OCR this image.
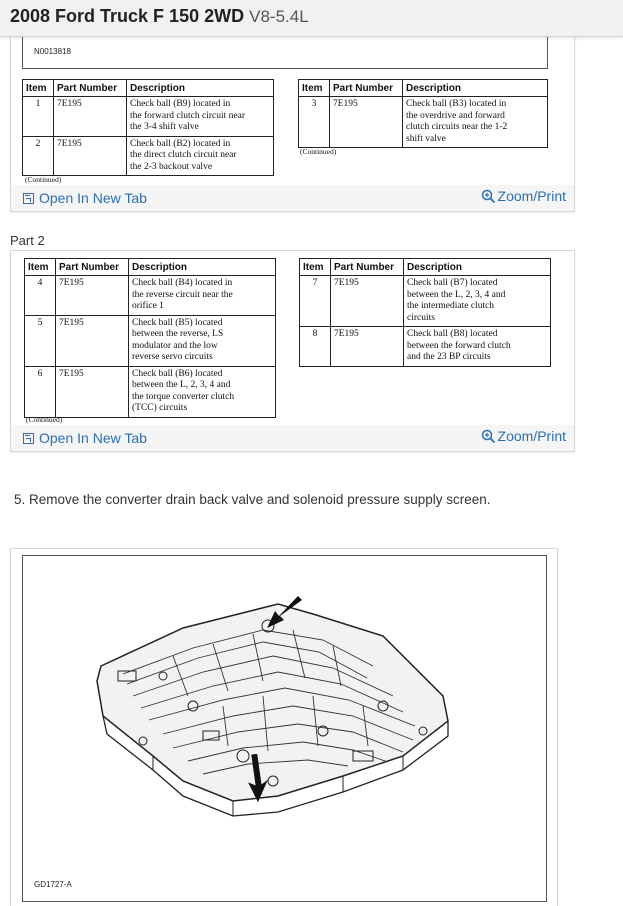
2008 Ford Truck F 150 2WD V8-5.4L
N0013818
Item	Part Number	Description
1	7E195	Check ball (B9) located in
the forward clutch circuit near
the 3-4 shift valve
2	7E195	Check ball (B2) located in
the direct clutch circuit near
the 2-3 backout valve
(Continued)
Item	Part Number	Description
3	7E195	Check ball (B3) located in
the overdrive and forward
clutch circuits near the 1-2
shift valve
(Continued)
Open In New Tab	Zoom/Print
Part 2
Item	Part Number	Description
4	7E195	Check ball (B4) located in
the reverse circuit near the
orifice 1
5	7E195	Check ball (B5) located
between the reverse, LS
modulator and the low
reverse servo circuits
6	7E195	Check ball (B6) located
between the L, 2, 3, 4 and
the torque converter clutch
(TCC) circuits
(Continued)
Item	Part Number	Description
7	7E195	Check ball (B7) located
between the L, 2, 3, 4 and
the intermediate clutch
circuits
8	7E195	Check ball (B8) located
between the forward clutch
and the 23 BP circuits
Open In New Tab	Zoom/Print
5. Remove the converter drain back valve and solenoid pressure supply screen.
GD1727-A
